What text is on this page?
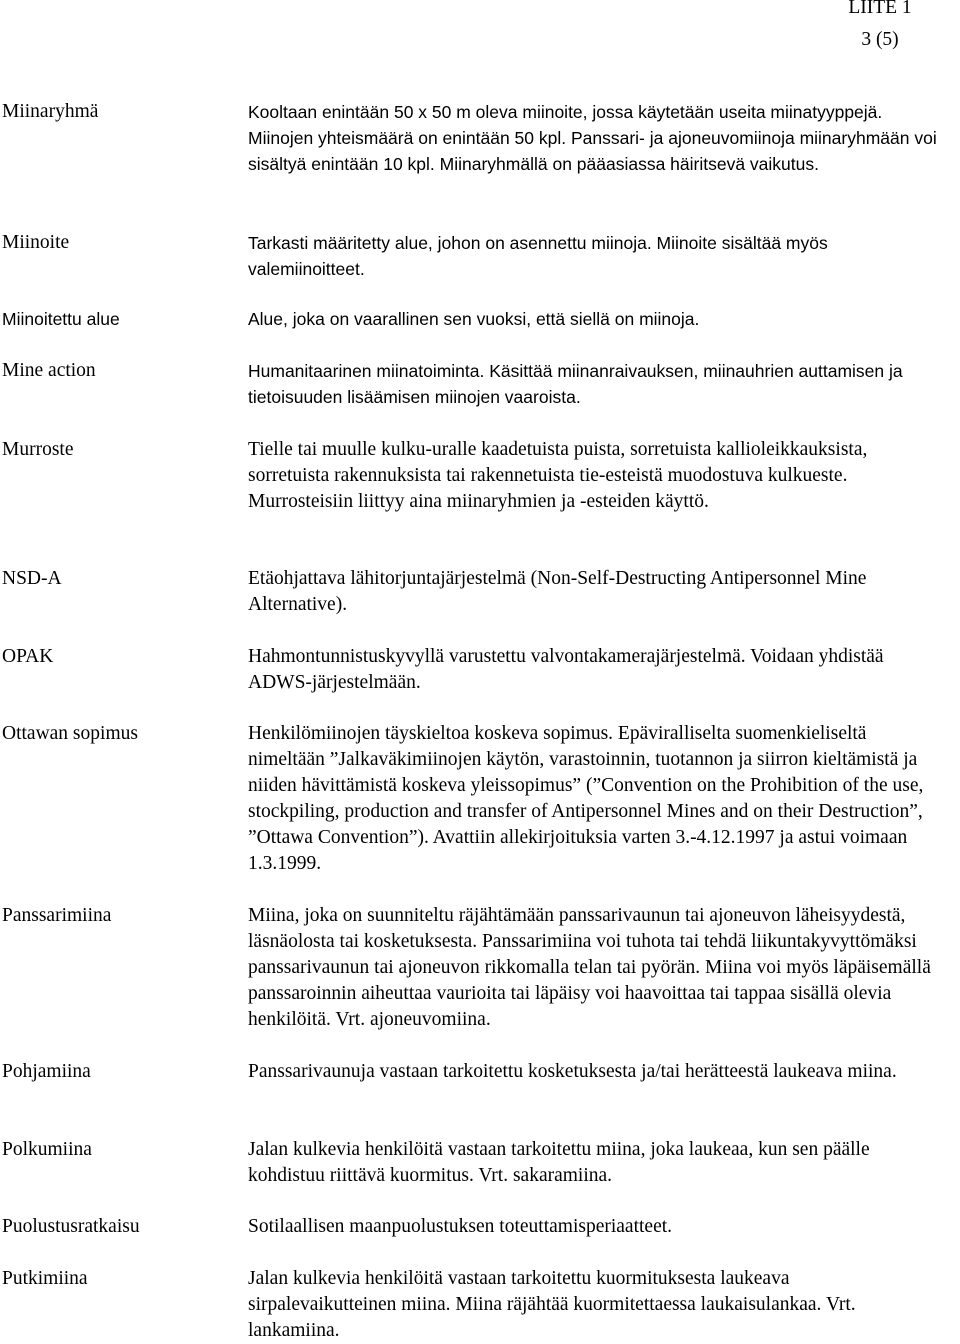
LIITE 1
3 (5)
Miinaryhmä	Kooltaan enintään 50 x 50 m oleva miinoite, jossa käytetään useita miinatyyppejä. Miinojen yhteismäärä on enintään 50 kpl. Panssari- ja ajoneuvomiinoja miinaryhmään voi sisältyä enintään 10 kpl. Miinaryhmällä on pääasiassa häiritsevä vaikutus.
Miinoite	Tarkasti määritetty alue, johon on asennettu miinoja. Miinoite sisältää myös valemiinoitteet.
Miinoitettu alue	Alue, joka on vaarallinen sen vuoksi, että siellä on miinoja.
Mine action	Humanitaarinen miinatoiminta. Käsittää miinanraivauksen, miinauhrien auttamisen ja tietoisuuden lisäämisen miinojen vaaroista.
Murroste	Tielle tai muulle kulku-uralle kaadetuista puista, sorretuista kallioleikkauksista, sorretuista rakennuksista tai rakennetuista tie-esteistä muodostuva kulkueste. Murrosteisiin liittyy aina miinaryhmien ja -esteiden käyttö.
NSD-A	Etäohjattava lähitorjuntajärjestelmä (Non-Self-Destructing Antipersonnel Mine Alternative).
OPAK	Hahmontunnistuskyvyllä varustettu valvontakamerajärjestelmä. Voidaan yhdistää ADWS-järjestelmään.
Ottawan sopimus	Henkilömiinojen täyskieltoa koskeva sopimus. Epäviralliselta suomenkieliseltä nimeltään ”Jalkaväkimiinojen käytön, varastoinnin, tuotannon ja siirron kieltämistä ja niiden hävittämistä koskeva yleissopimus” (”Convention on the Prohibition of the use, stockpiling, production and transfer of Antipersonnel Mines and on their Destruction”, ”Ottawa Convention”). Avattiin allekirjoituksia varten 3.-4.12.1997 ja astui voimaan 1.3.1999.
Panssarimiina	Miina, joka on suunniteltu räjähtämään panssarivaunun tai ajoneuvon läheisyydestä, läsnäolosta tai kosketuksesta. Panssarimiina voi tuhota tai tehdä liikuntakyvyttömäksi panssarivaunun tai ajoneuvon rikkomalla telan tai pyörän. Miina voi myös läpäisemällä panssaroinnin aiheuttaa vaurioita tai läpäisy voi haavoittaa tai tappaa sisällä olevia henkilöitä. Vrt. ajoneuvomiina.
Pohjamiina	Panssarivaunuja vastaan tarkoitettu kosketuksesta ja/tai herätteestä laukeava miina.
Polkumiina	Jalan kulkevia henkilöitä vastaan tarkoitettu miina, joka laukeaa, kun sen päälle kohdistuu riittävä kuormitus. Vrt. sakaramiina.
Puolustusratkaisu	Sotilaallisen maanpuolustuksen toteuttamisperiaatteet.
Putkimiina	Jalan kulkevia henkilöitä vastaan tarkoitettu kuormituksesta laukeava sirpalevaikutteinen miina. Miina räjähtää kuormitettaessa laukaisulankaa. Vrt. lankamiina.
